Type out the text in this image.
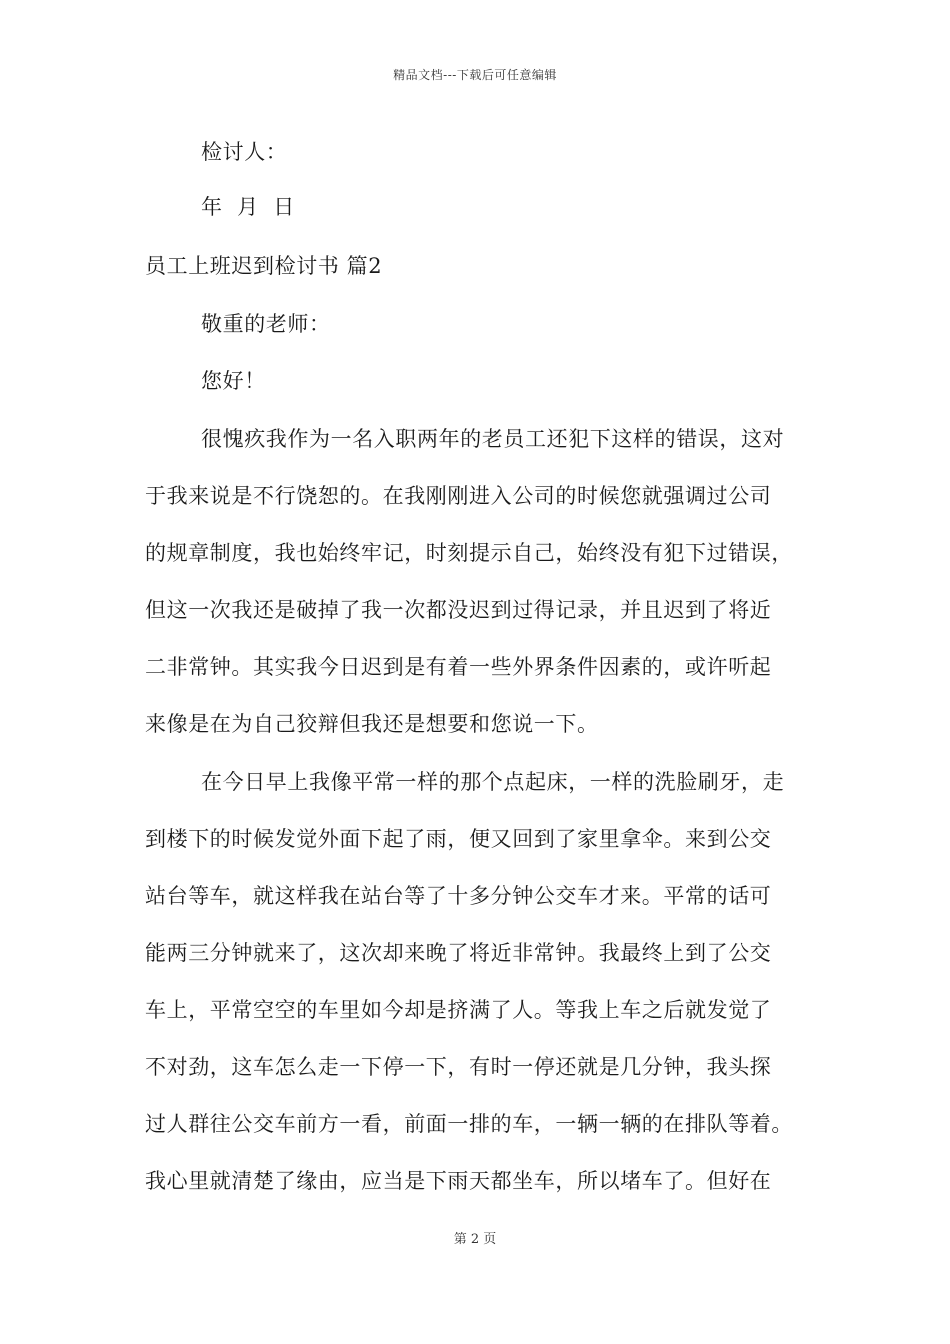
精品文档---下载后可任意编辑
检讨人：
年  月  日
员工上班迟到检讨书 篇2
敬重的老师：
您好！
很愧疚我作为一名入职两年的老员工还犯下这样的错误，这对
于我来说是不行饶恕的。在我刚刚进入公司的时候您就强调过公司
的规章制度，我也始终牢记，时刻提示自己，始终没有犯下过错误，
但这一次我还是破掉了我一次都没迟到过得记录，并且迟到了将近
二非常钟。其实我今日迟到是有着一些外界条件因素的，或许听起
来像是在为自己狡辩但我还是想要和您说一下。
在今日早上我像平常一样的那个点起床，一样的洗脸刷牙，走
到楼下的时候发觉外面下起了雨，便又回到了家里拿伞。来到公交
站台等车，就这样我在站台等了十多分钟公交车才来。平常的话可
能两三分钟就来了，这次却来晚了将近非常钟。我最终上到了公交
车上，平常空空的车里如今却是挤满了人。等我上车之后就发觉了
不对劲，这车怎么走一下停一下，有时一停还就是几分钟，我头探
过人群往公交车前方一看，前面一排的车，一辆一辆的在排队等着。
我心里就清楚了缘由，应当是下雨天都坐车，所以堵车了。但好在
第 2 页
